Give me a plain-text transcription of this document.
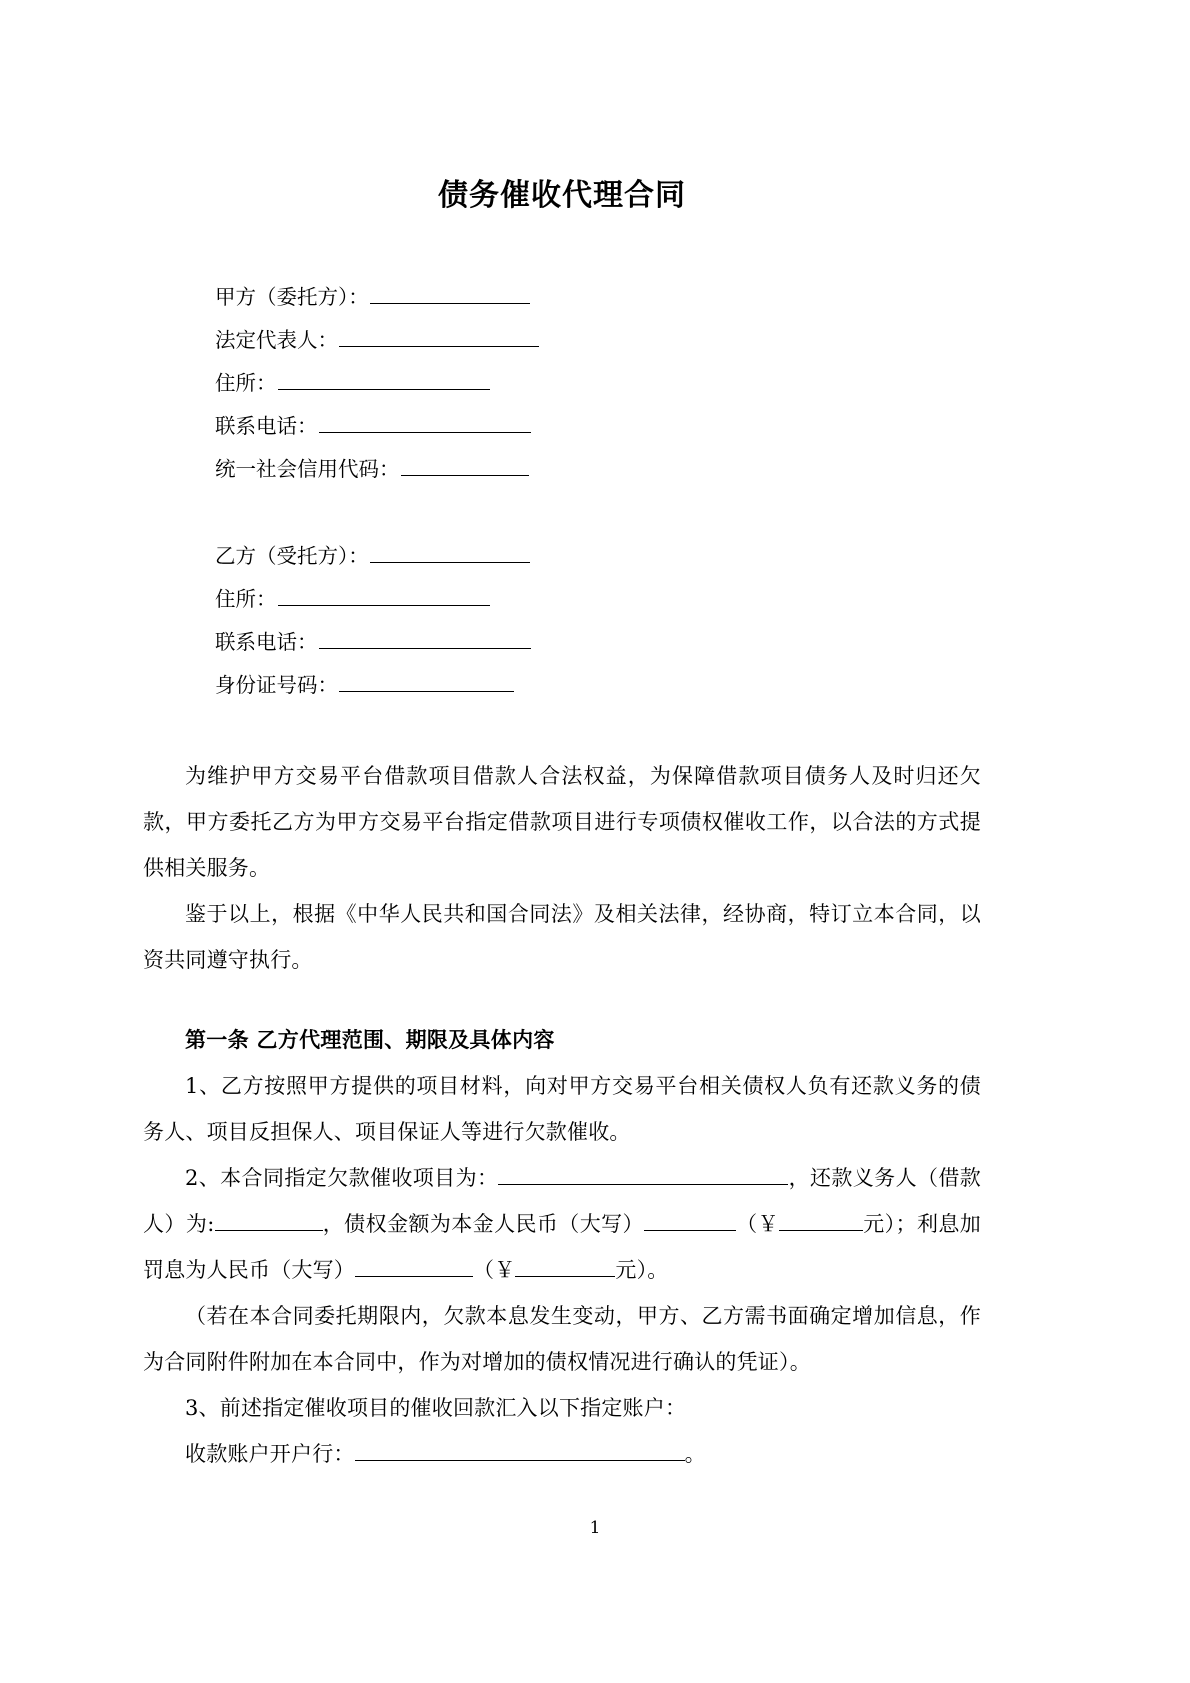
债务催收代理合同
甲方（委托方）：
法定代表人：
住所：
联系电话：
统一社会信用代码：
乙方（受托方）：
住所：
联系电话：
身份证号码：

为维护甲方交易平台借款项目借款人合法权益，为保障借款项目债务人及时归还欠款，甲方委托乙方为甲方交易平台指定借款项目进行专项债权催收工作，以合法的方式提供相关服务。

鉴于以上，根据《中华人民共和国合同法》及相关法律，经协商，特订立本合同，以资共同遵守执行。

第一条 乙方代理范围、期限及具体内容

1、乙方按照甲方提供的项目材料，向对甲方交易平台相关债权人负有还款义务的债务人、项目反担保人、项目保证人等进行欠款催收。

2、本合同指定欠款催收项目为：	，还款义务人（借款人）为:	，债权金额为本金人民币（大写）	（￥	元）；利息加罚息为人民币（大写）	（￥	元）。

（若在本合同委托期限内，欠款本息发生变动，甲方、乙方需书面确定增加信息，作为合同附件附加在本合同中，作为对增加的债权情况进行确认的凭证）。

3、前述指定催收项目的催收回款汇入以下指定账户：

收款账户开户行：	。

1
